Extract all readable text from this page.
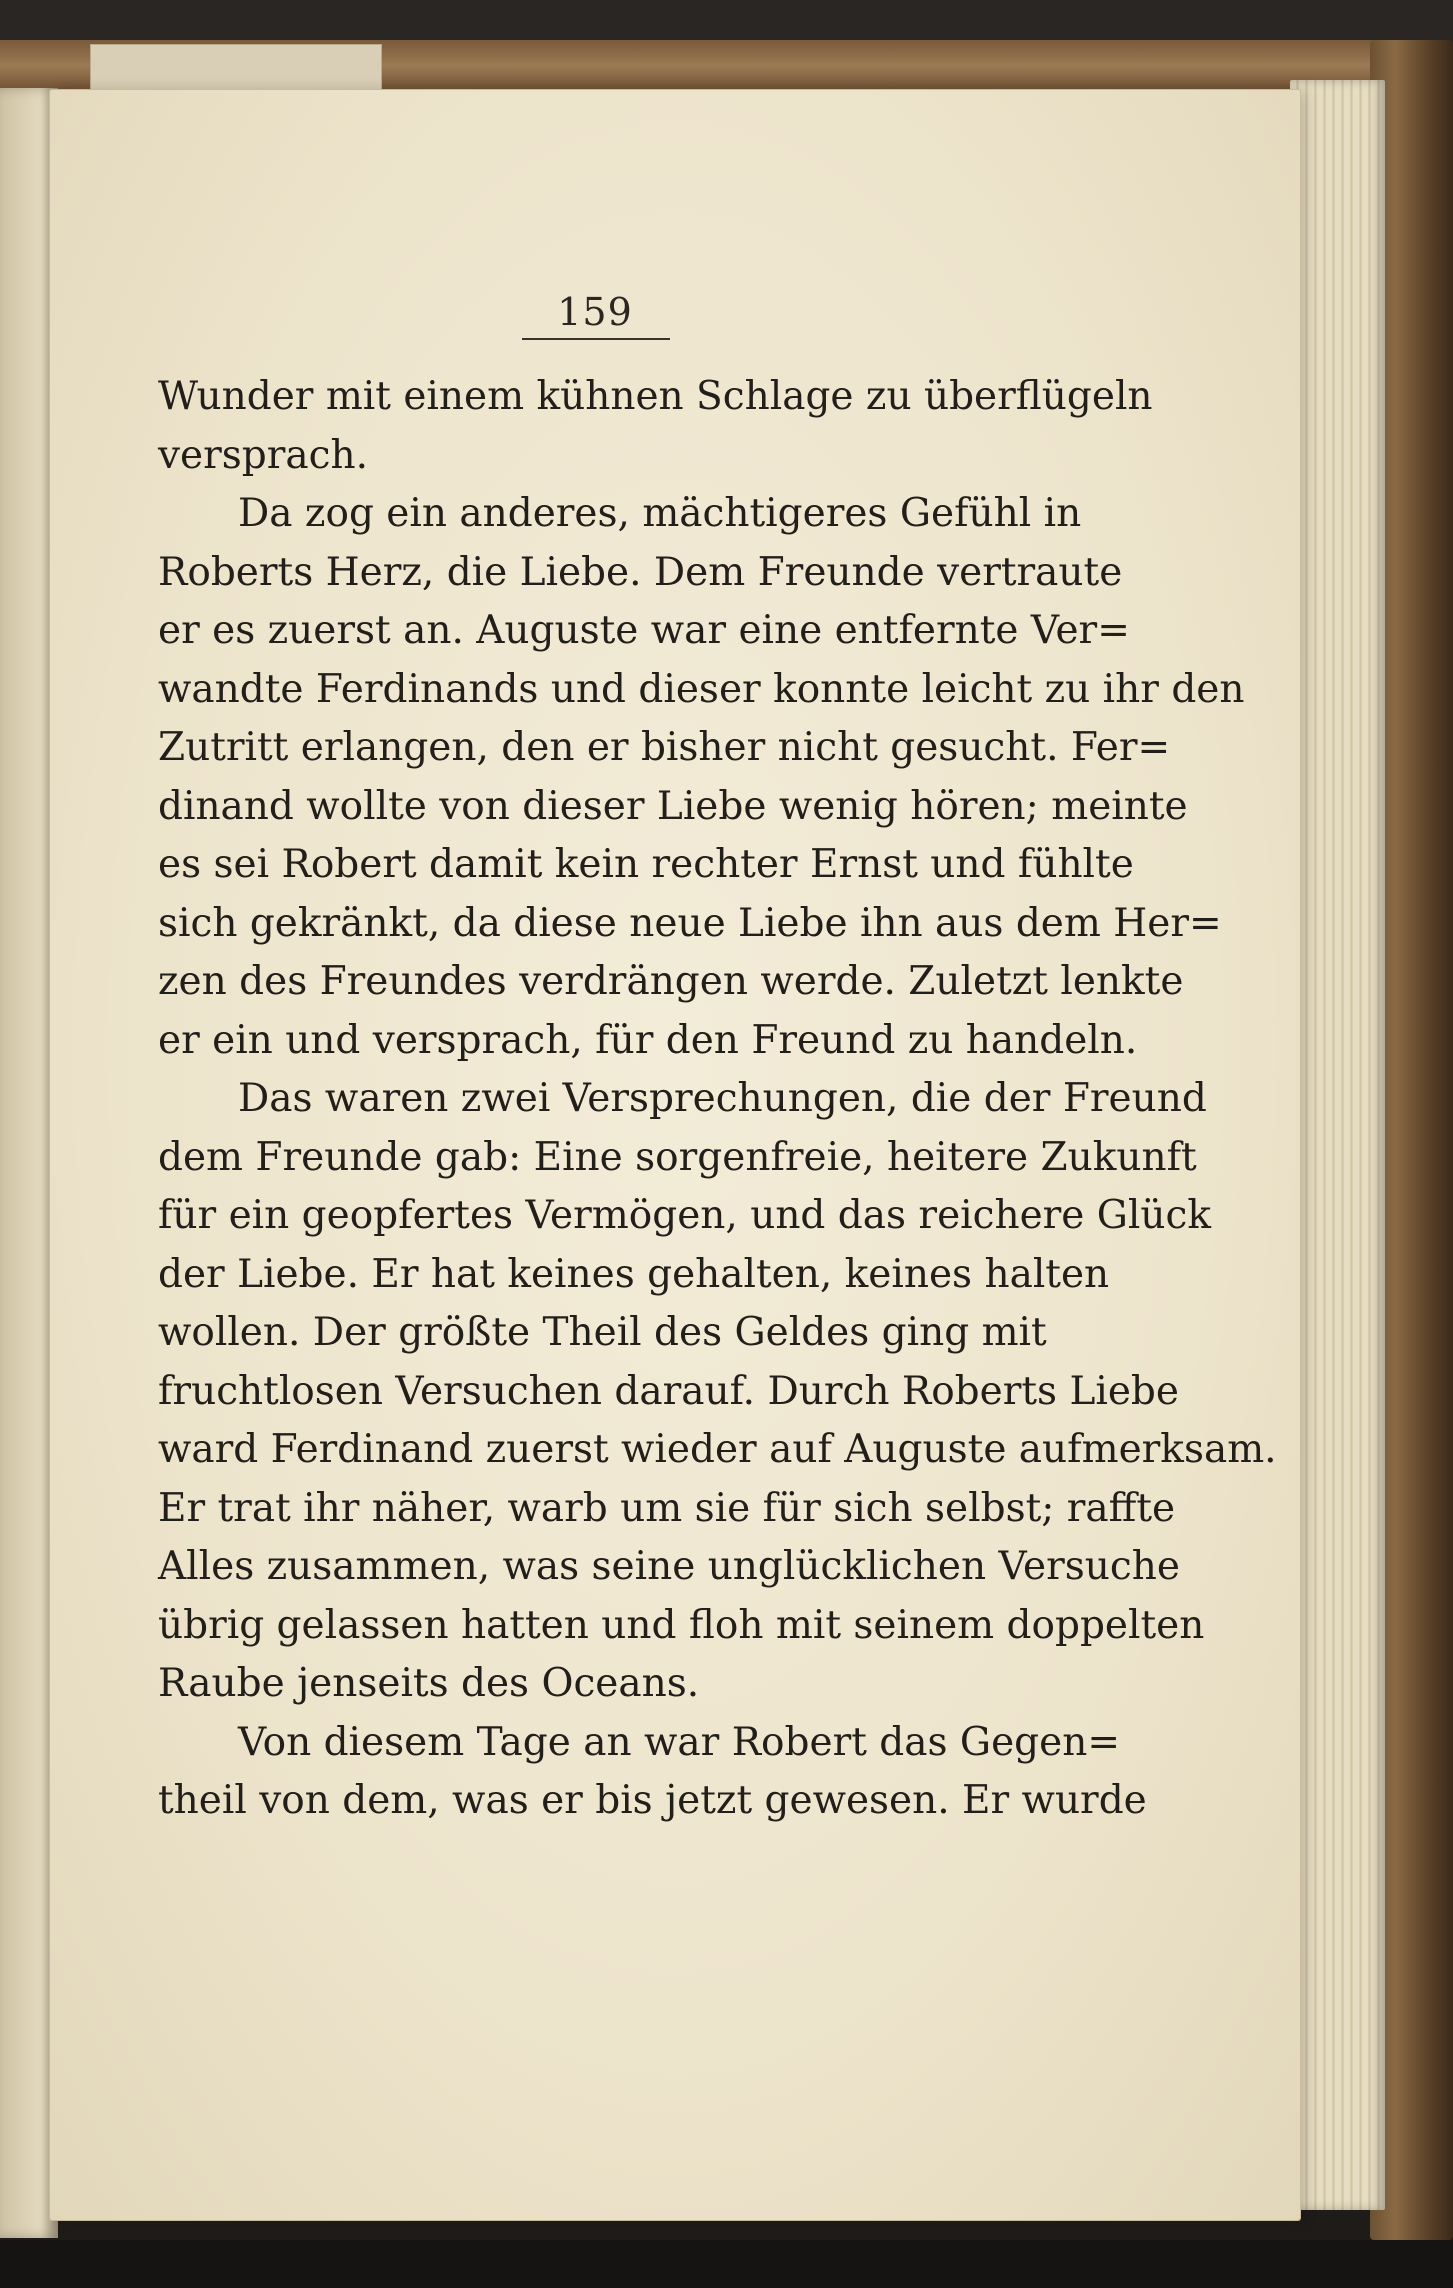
159
Wunder mit einem kühnen Schlage zu überflügeln
versprach.
Da zog ein anderes, mächtigeres Gefühl in
Roberts Herz, die Liebe. Dem Freunde vertraute
er es zuerst an. Auguste war eine entfernte Ver=
wandte Ferdinands und dieser konnte leicht zu ihr den
Zutritt erlangen, den er bisher nicht gesucht. Fer=
dinand wollte von dieser Liebe wenig hören; meinte
es sei Robert damit kein rechter Ernst und fühlte
sich gekränkt, da diese neue Liebe ihn aus dem Her=
zen des Freundes verdrängen werde. Zuletzt lenkte
er ein und versprach, für den Freund zu handeln.
Das waren zwei Versprechungen, die der Freund
dem Freunde gab: Eine sorgenfreie, heitere Zukunft
für ein geopfertes Vermögen, und das reichere Glück
der Liebe. Er hat keines gehalten, keines halten
wollen. Der größte Theil des Geldes ging mit
fruchtlosen Versuchen darauf. Durch Roberts Liebe
ward Ferdinand zuerst wieder auf Auguste aufmerksam.
Er trat ihr näher, warb um sie für sich selbst; raffte
Alles zusammen, was seine unglücklichen Versuche
übrig gelassen hatten und floh mit seinem doppelten
Raube jenseits des Oceans.
Von diesem Tage an war Robert das Gegen=
theil von dem, was er bis jetzt gewesen. Er wurde
